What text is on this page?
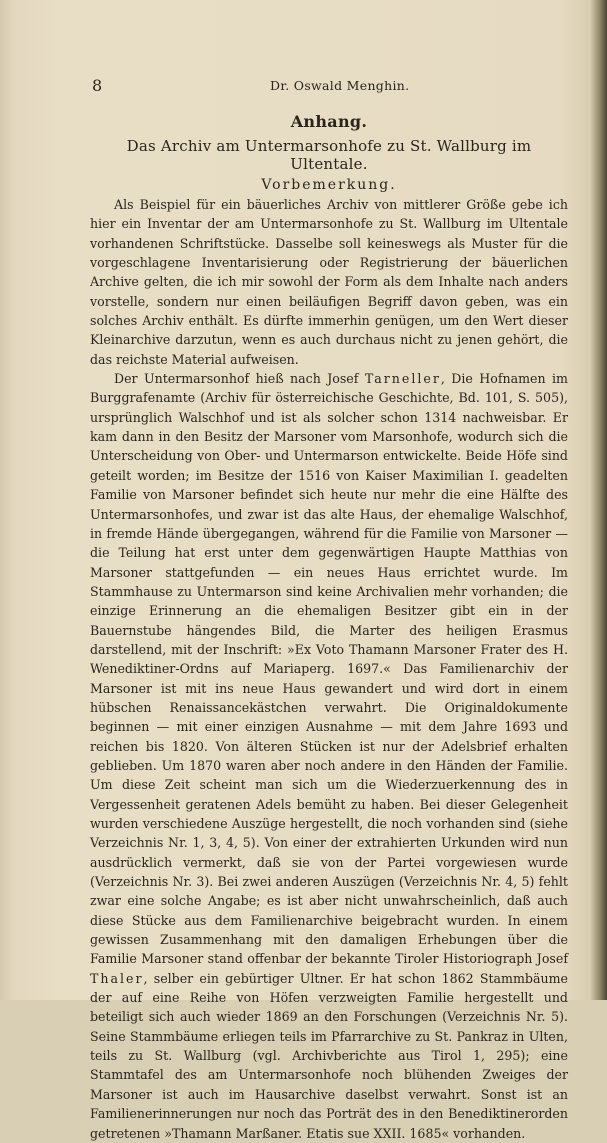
8	Dr. Oswald Menghin.
Anhang.
Das Archiv am Untermarsonhofe zu St. Wallburg im Ultentale.
Vorbemerkung.

Als Beispiel für ein bäuerliches Archiv von mittlerer Größe gebe ich hier ein Inventar der am Untermarsonhofe zu St. Wallburg im Ultentale vorhandenen Schriftstücke. Dasselbe soll keineswegs als Muster für die vorgeschlagene Inventarisierung oder Registrierung der bäuerlichen Archive gelten, die ich mir sowohl der Form als dem Inhalte nach anders vorstelle, sondern nur einen beiläufigen Begriff davon geben, was ein solches Archiv enthält. Es dürfte immerhin genügen, um den Wert dieser Kleinarchive darzutun, wenn es auch durchaus nicht zu jenen gehört, die das reichste Material aufweisen.

Der Untermarsonhof hieß nach Josef Tarneller, Die Hofnamen im Burggrafenamte (Archiv für österreichische Geschichte, Bd. 101, S. 505), ursprünglich Walschhof und ist als solcher schon 1314 nachweisbar. Er kam dann in den Besitz der Marsoner vom Marsonhofe, wodurch sich die Unterscheidung von Ober- und Untermarson entwickelte. Beide Höfe sind geteilt worden; im Besitze der 1516 von Kaiser Maximilian I. geadelten Familie von Marsoner befindet sich heute nur mehr die eine Hälfte des Untermarsonhofes, und zwar ist das alte Haus, der ehemalige Walschhof, in fremde Hände übergegangen, während für die Familie von Marsoner — die Teilung hat erst unter dem gegenwärtigen Haupte Matthias von Marsoner stattgefunden — ein neues Haus errichtet wurde. Im Stammhause zu Untermarson sind keine Archivalien mehr vorhanden; die einzige Erinnerung an die ehemaligen Besitzer gibt ein in der Bauernstube hängendes Bild, die Marter des heiligen Erasmus darstellend, mit der Inschrift: »Ex Voto Thamann Marsoner Frater des H. Wenediktiner-Ordns auf Mariaperg. 1697.« Das Familienarchiv der Marsoner ist mit ins neue Haus gewandert und wird dort in einem hübschen Renaissancekästchen verwahrt. Die Originaldokumente beginnen — mit einer einzigen Ausnahme — mit dem Jahre 1693 und reichen bis 1820. Von älteren Stücken ist nur der Adelsbrief erhalten geblieben. Um 1870 waren aber noch andere in den Händen der Familie. Um diese Zeit scheint man sich um die Wiederzuerkennung des in Vergessenheit geratenen Adels bemüht zu haben. Bei dieser Gelegenheit wurden verschiedene Auszüge hergestellt, die noch vorhanden sind (siehe Verzeichnis Nr. 1, 3, 4, 5). Von einer der extrahierten Urkunden wird nun ausdrücklich vermerkt, daß sie von der Partei vorgewiesen wurde (Verzeichnis Nr. 3). Bei zwei anderen Auszügen (Verzeichnis Nr. 4, 5) fehlt zwar eine solche Angabe; es ist aber nicht unwahrscheinlich, daß auch diese Stücke aus dem Familienarchive beigebracht wurden. In einem gewissen Zusammenhang mit den damaligen Erhebungen über die Familie Marsoner stand offenbar der bekannte Tiroler Historiograph Josef Thaler, selber ein gebürtiger Ultner. Er hat schon 1862 Stammbäume der auf eine Reihe von Höfen verzweigten Familie hergestellt und beteiligt sich auch wieder 1869 an den Forschungen (Verzeichnis Nr. 5). Seine Stammbäume erliegen teils im Pfarrarchive zu St. Pankraz in Ulten, teils zu St. Wallburg (vgl. Archivberichte aus Tirol 1, 295); eine Stammtafel des am Untermarsonhofe noch blühenden Zweiges der Marsoner ist auch im Hausarchive daselbst verwahrt. Sonst ist an Familienerinnerungen nur noch das Porträt des in den Benediktinerorden getretenen »Thamann Marßaner. Etatis sue XXII. 1685« vorhanden.
